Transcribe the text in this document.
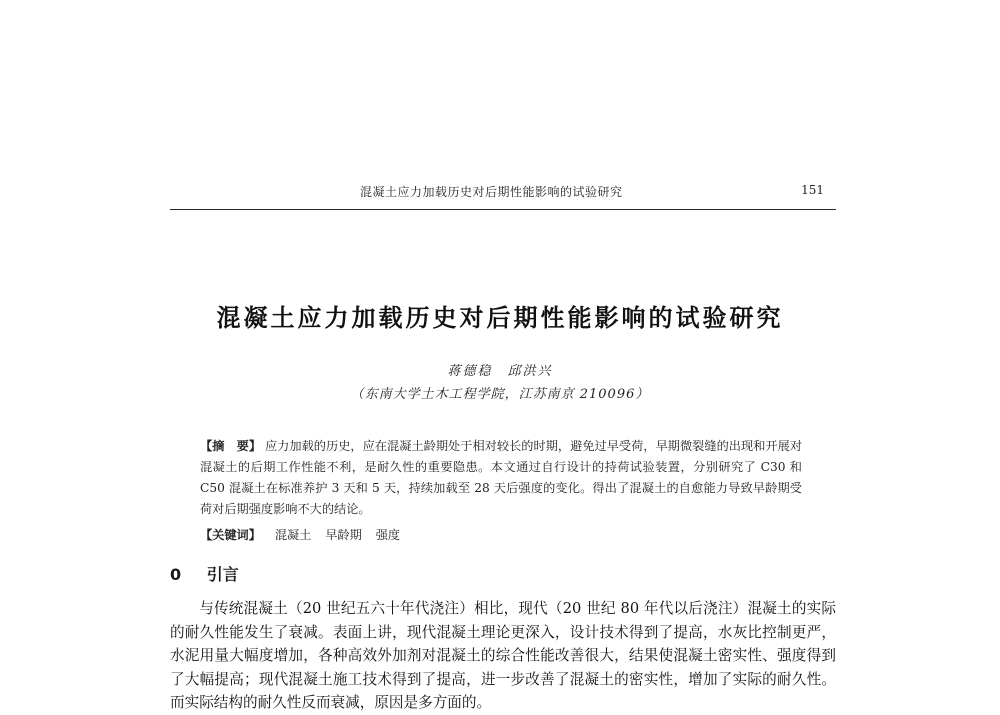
混凝土应力加载历史对后期性能影响的试验研究	151
混凝土应力加载历史对后期性能影响的试验研究
蒋德稳　邱洪兴
（东南大学土木工程学院，江苏南京 210096）
【摘　要】 应力加载的历史，应在混凝土龄期处于相对较长的时期，避免过早受荷，早期微裂缝的出现和开展对混凝土的后期工作性能不利，是耐久性的重要隐患。本文通过自行设计的持荷试验装置，分别研究了 C30 和 C50 混凝土在标准养护 3 天和 5 天，持续加载至 28 天后强度的变化。得出了混凝土的自愈能力导致早龄期受荷对后期强度影响不大的结论。
【关键词】 混凝土 早龄期 强度
0 引言

与传统混凝土（20 世纪五六十年代浇注）相比，现代（20 世纪 80 年代以后浇注）混凝土的实际的耐久性能发生了衰减。表面上讲，现代混凝土理论更深入，设计技术得到了提高，水灰比控制更严，水泥用量大幅度增加，各种高效外加剂对混凝土的综合性能改善很大，结果使混凝土密实性、强度得到了大幅提高；现代混凝土施工技术得到了提高，进一步改善了混凝土的密实性，增加了实际的耐久性。而实际结构的耐久性反而衰减，原因是多方面的。
